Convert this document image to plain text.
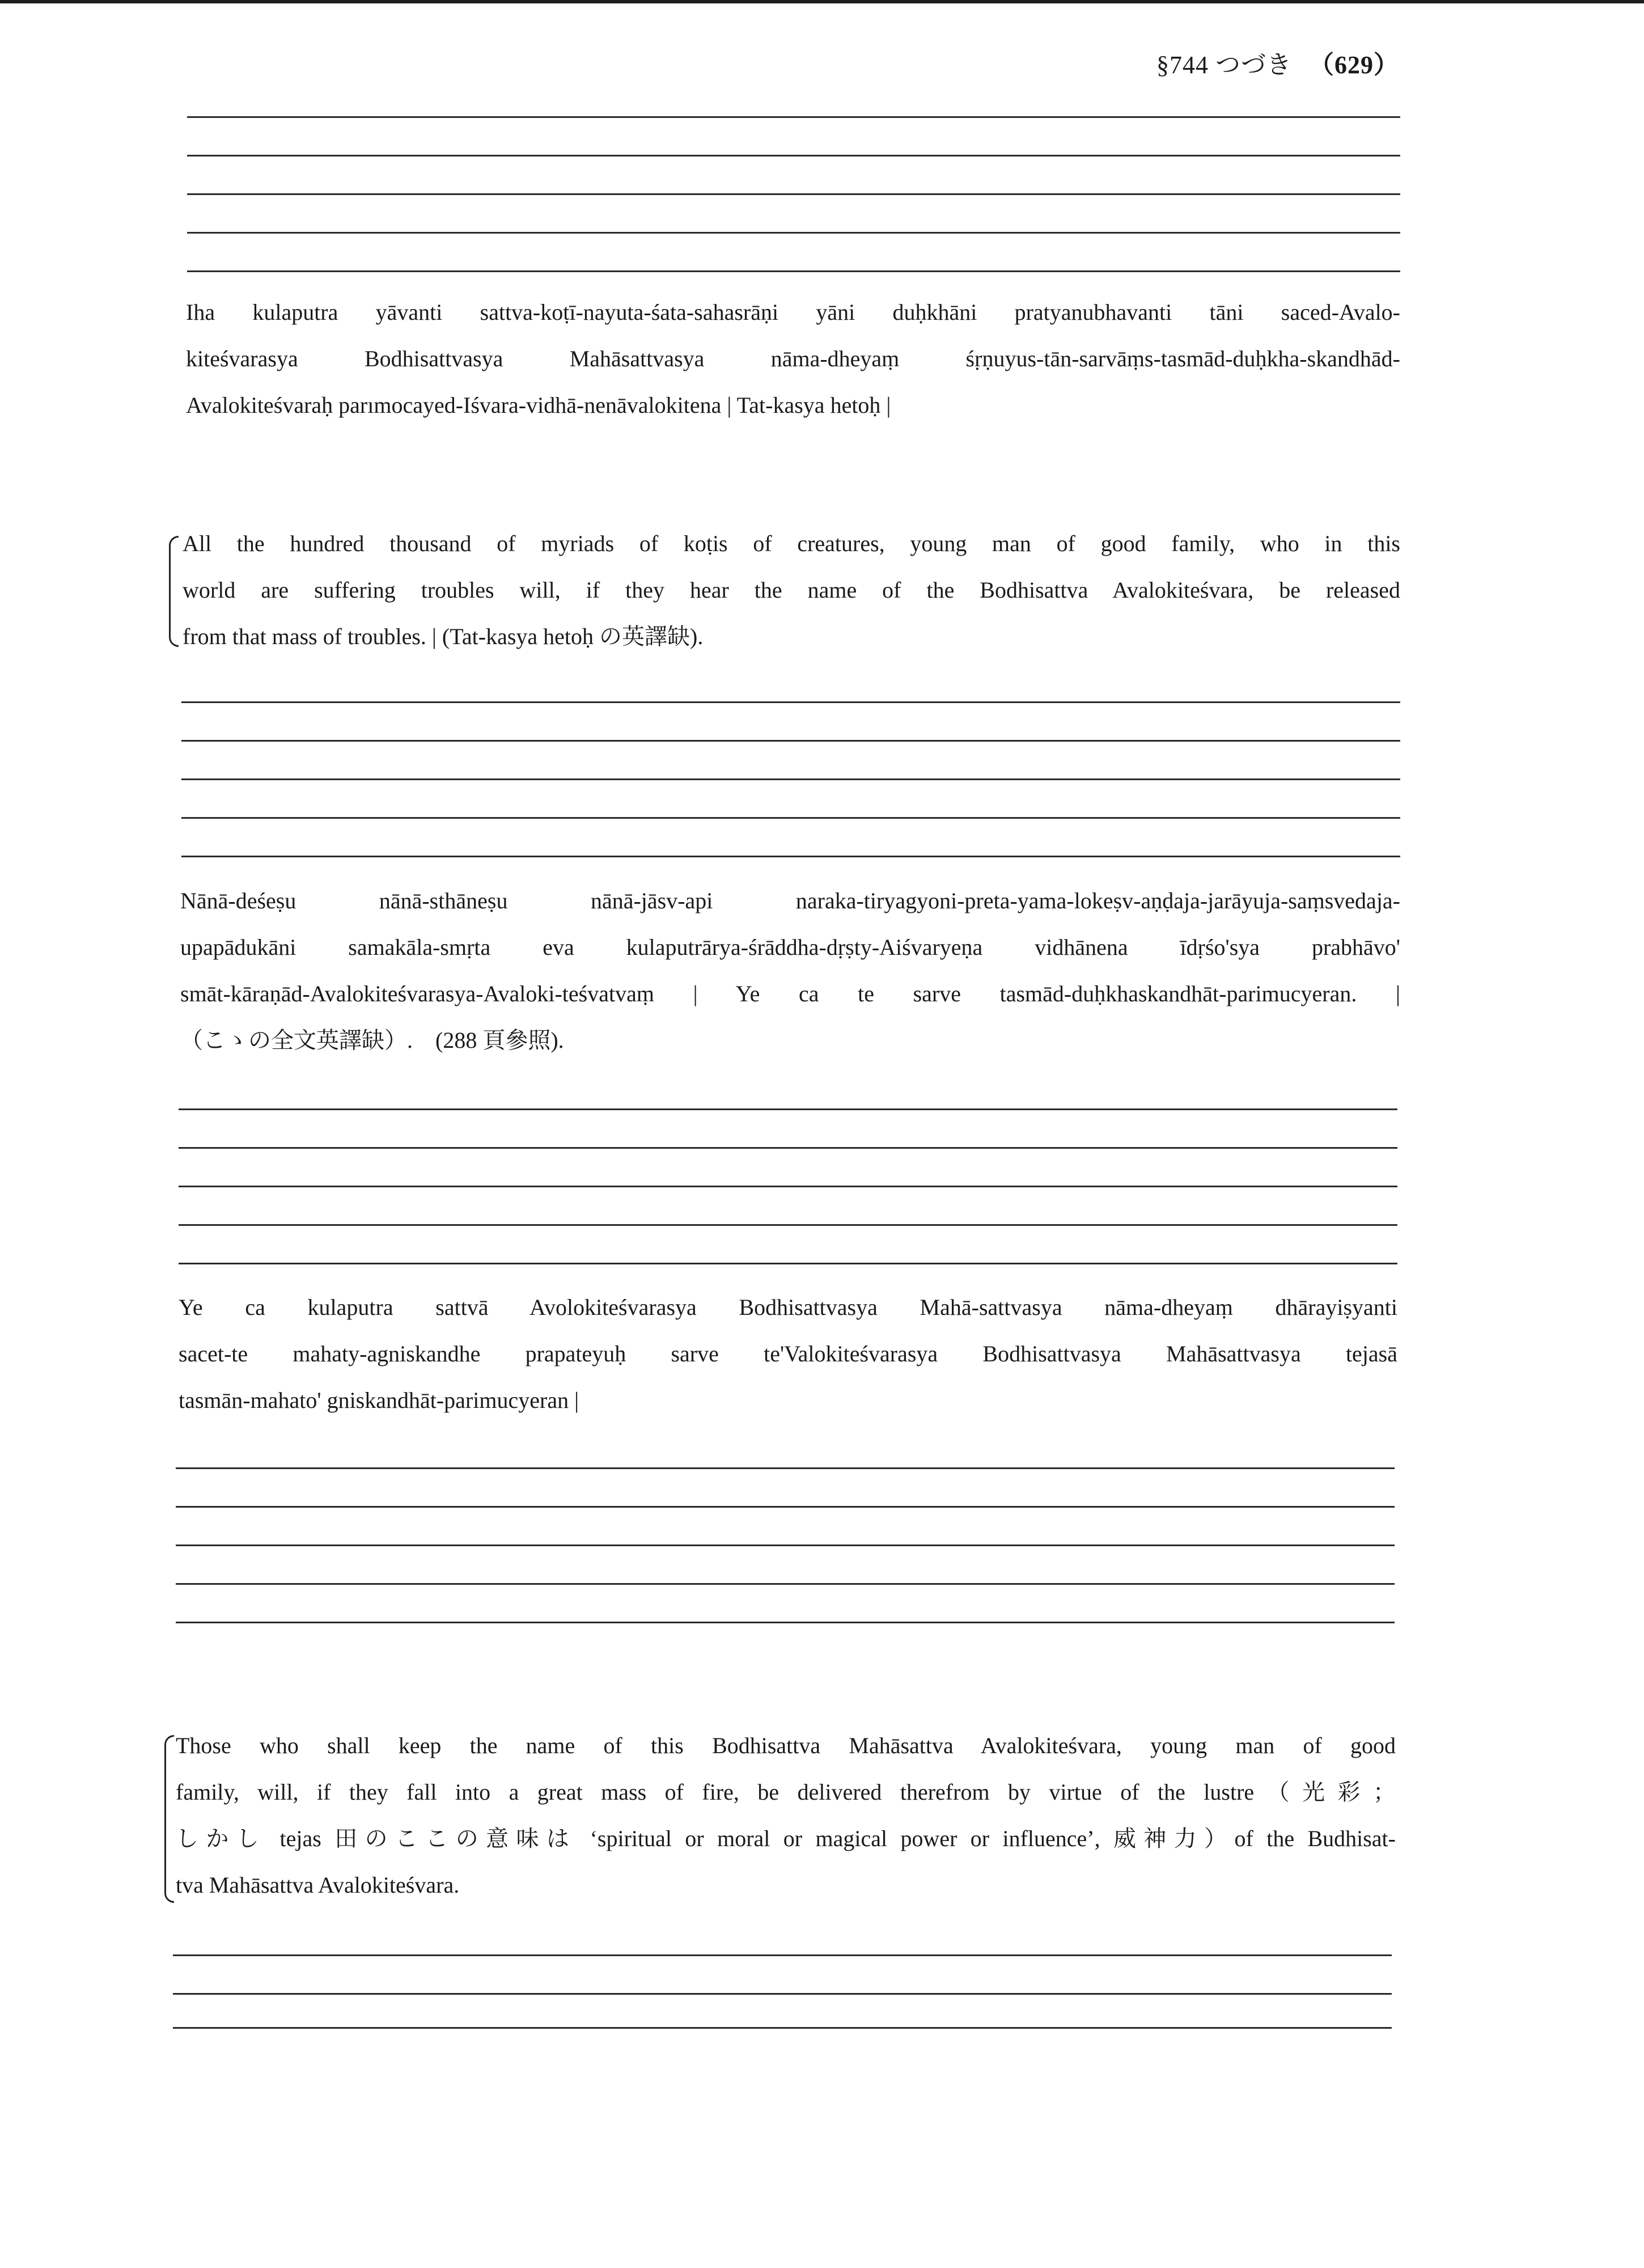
§744 つづき （629）
Iha kulaputra yāvanti sattva-koṭī-nayuta-śata-sahasrāṇi yāni duḥkhāni pratyanubhavanti tāni saced-Avalo-
kiteśvarasya Bodhisattvasya Mahāsattvasya nāma-dheyaṃ śṛṇuyus-tān-sarvāṃs-tasmād-duḥkha-skandhād-
Avalokiteśvaraḥ parımocayed-Iśvara-vidhā-nenāvalokitena | Tat-kasya hetoḥ |
All the hundred thousand of myriads of koṭis of creatures, young man of good family, who in this
world are suffering troubles will, if they hear the name of the Bodhisattva Avalokiteśvara, be released
from that mass of troubles. | (Tat-kasya hetoḥ の英譯缺).
Nānā-deśeṣu nānā-sthāneṣu nānā-jāsv-api naraka-tiryagyoni-preta-yama-lokeṣv-aṇḍaja-jarāyuja-saṃsvedaja-
upapādukāni samakāla-smṛta eva kulaputrārya-śrāddha-dṛṣty-Aiśvaryeṇa vidhānena īdṛśo'sya prabhāvo'
smāt-kāraṇād-Avalokiteśvarasya-Avaloki-teśvatvaṃ | Ye ca te sarve tasmād-duḥkhaskandhāt-parimucyeran. |
（こゝの全文英譯缺）.　(288 頁參照).
Ye ca kulaputra sattvā Avolokiteśvarasya Bodhisattvasya Mahā-sattvasya nāma-dheyaṃ dhārayiṣyanti
sacet-te mahaty-agniskandhe prapateyuḥ sarve te'Valokiteśvarasya Bodhisattvasya Mahāsattvasya tejasā
tasmān-mahato' gniskandhāt-parimucyeran |
Those who shall keep the name of this Bodhisattva Mahāsattva Avalokiteśvara, young man of good
family, will, if they fall into a great mass of fire, be delivered therefrom by virtue of the lustre（光彩；
しかし tejas 田のここの意味は ‘spiritual or moral or magical power or influence’, 威神力）of the Budhisat-
tva Mahāsattva Avalokiteśvara.
